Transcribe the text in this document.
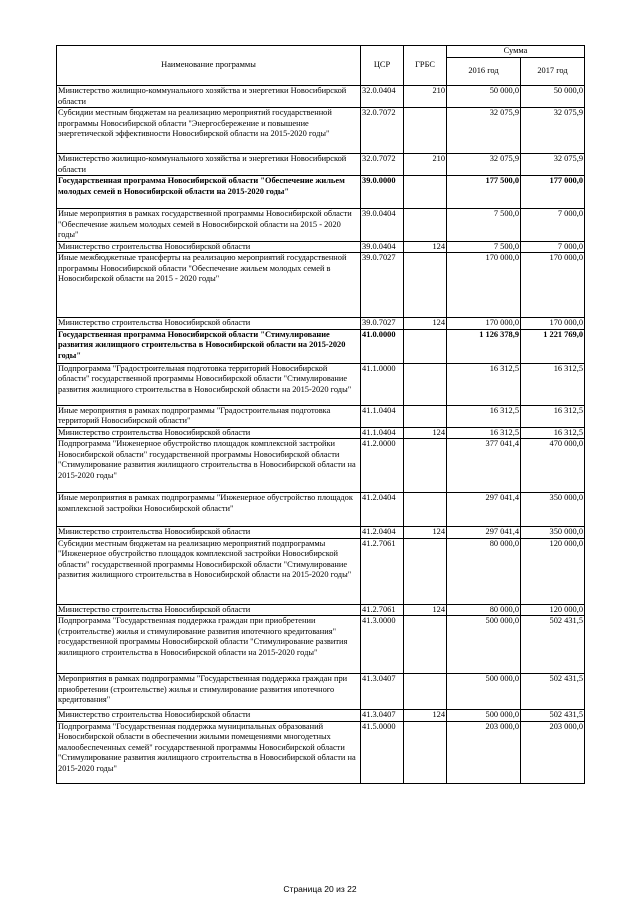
Наименование программы	ЦСР	ГРБС	Сумма	
			2016 год	2017 год
Министерство жилищно-коммунального хозяйства и энергетики Новосибирской области	32.0.0404	210	50 000,0	50 000,0
Субсидии местным бюджетам на реализацию мероприятий государственной программы Новосибирской области "Энергосбережение и повышение энергетической эффективности Новосибирской области на 2015-2020 годы"	32.0.7072		32 075,9	32 075,9
Министерство жилищно-коммунального хозяйства и энергетики Новосибирской области	32.0.7072	210	32 075,9	32 075,9
Государственная программа Новосибирской области "Обеспечение жильем молодых семей в Новосибирской области на 2015-2020 годы"	39.0.0000		177 500,0	177 000,0
Иные мероприятия в рамках государственной программы Новосибирской области "Обеспечение жильем молодых семей в Новосибирской области на 2015 - 2020 годы"	39.0.0404		7 500,0	7 000,0
Министерство строительства Новосибирской области	39.0.0404	124	7 500,0	7 000,0
Иные межбюджетные трансферты на реализацию мероприятий государственной программы Новосибирской области "Обеспечение жильем молодых семей в Новосибирской области на 2015 - 2020 годы"	39.0.7027		170 000,0	170 000,0
Министерство строительства Новосибирской области	39.0.7027	124	170 000,0	170 000,0
Государственная программа Новосибирской области "Стимулирование развития жилищного строительства в Новосибирской области на 2015-2020 годы"	41.0.0000		1 126 378,9	1 221 769,0
Подпрограмма "Градостроительная подготовка территорий Новосибирской области" государственной программы Новосибирской области "Стимулирование развития жилищного строительства в Новосибирской области на 2015-2020 годы"	41.1.0000		16 312,5	16 312,5
Иные мероприятия в рамках подпрограммы "Градостроительная подготовка территорий Новосибирской области"	41.1.0404		16 312,5	16 312,5
Министерство строительства Новосибирской области	41.1.0404	124	16 312,5	16 312,5
Подпрограмма "Инженерное обустройство площадок комплексной застройки Новосибирской области" государственной программы Новосибирской области "Стимулирование развития жилищного строительства в Новосибирской области на 2015-2020 годы"	41.2.0000		377 041,4	470 000,0
Иные мероприятия в рамках подпрограммы "Инженерное обустройство площадок комплексной застройки Новосибирской области"	41.2.0404		297 041,4	350 000,0
Министерство строительства Новосибирской области	41.2.0404	124	297 041,4	350 000,0
Субсидии местным бюджетам на реализацию мероприятий подпрограммы "Инженерное обустройство площадок комплексной застройки Новосибирской области" государственной программы Новосибирской области "Стимулирование развития жилищного строительства в Новосибирской области на 2015-2020 годы"	41.2.7061		80 000,0	120 000,0
Министерство строительства Новосибирской области	41.2.7061	124	80 000,0	120 000,0
Подпрограмма "Государственная поддержка граждан при приобретении (строительстве) жилья и стимулирование развития ипотечного кредитования" государственной программы Новосибирской области "Стимулирование развития жилищного строительства в Новосибирской области на 2015-2020 годы"	41.3.0000		500 000,0	502 431,5
Мероприятия в рамках подпрограммы "Государственная поддержка граждан при приобретении (строительстве) жилья и стимулирование развития ипотечного кредитования"	41.3.0407		500 000,0	502 431,5
Министерство строительства Новосибирской области	41.3.0407	124	500 000,0	502 431,5
Подпрограмма "Государственная поддержка муниципальных образований Новосибирской области в обеспечении жилыми помещениями многодетных малообеспеченных семей" государственной программы Новосибирской области "Стимулирование развития жилищного строительства в Новосибирской области на 2015-2020 годы"	41.5.0000		203 000,0	203 000,0
Страница 20 из 22
